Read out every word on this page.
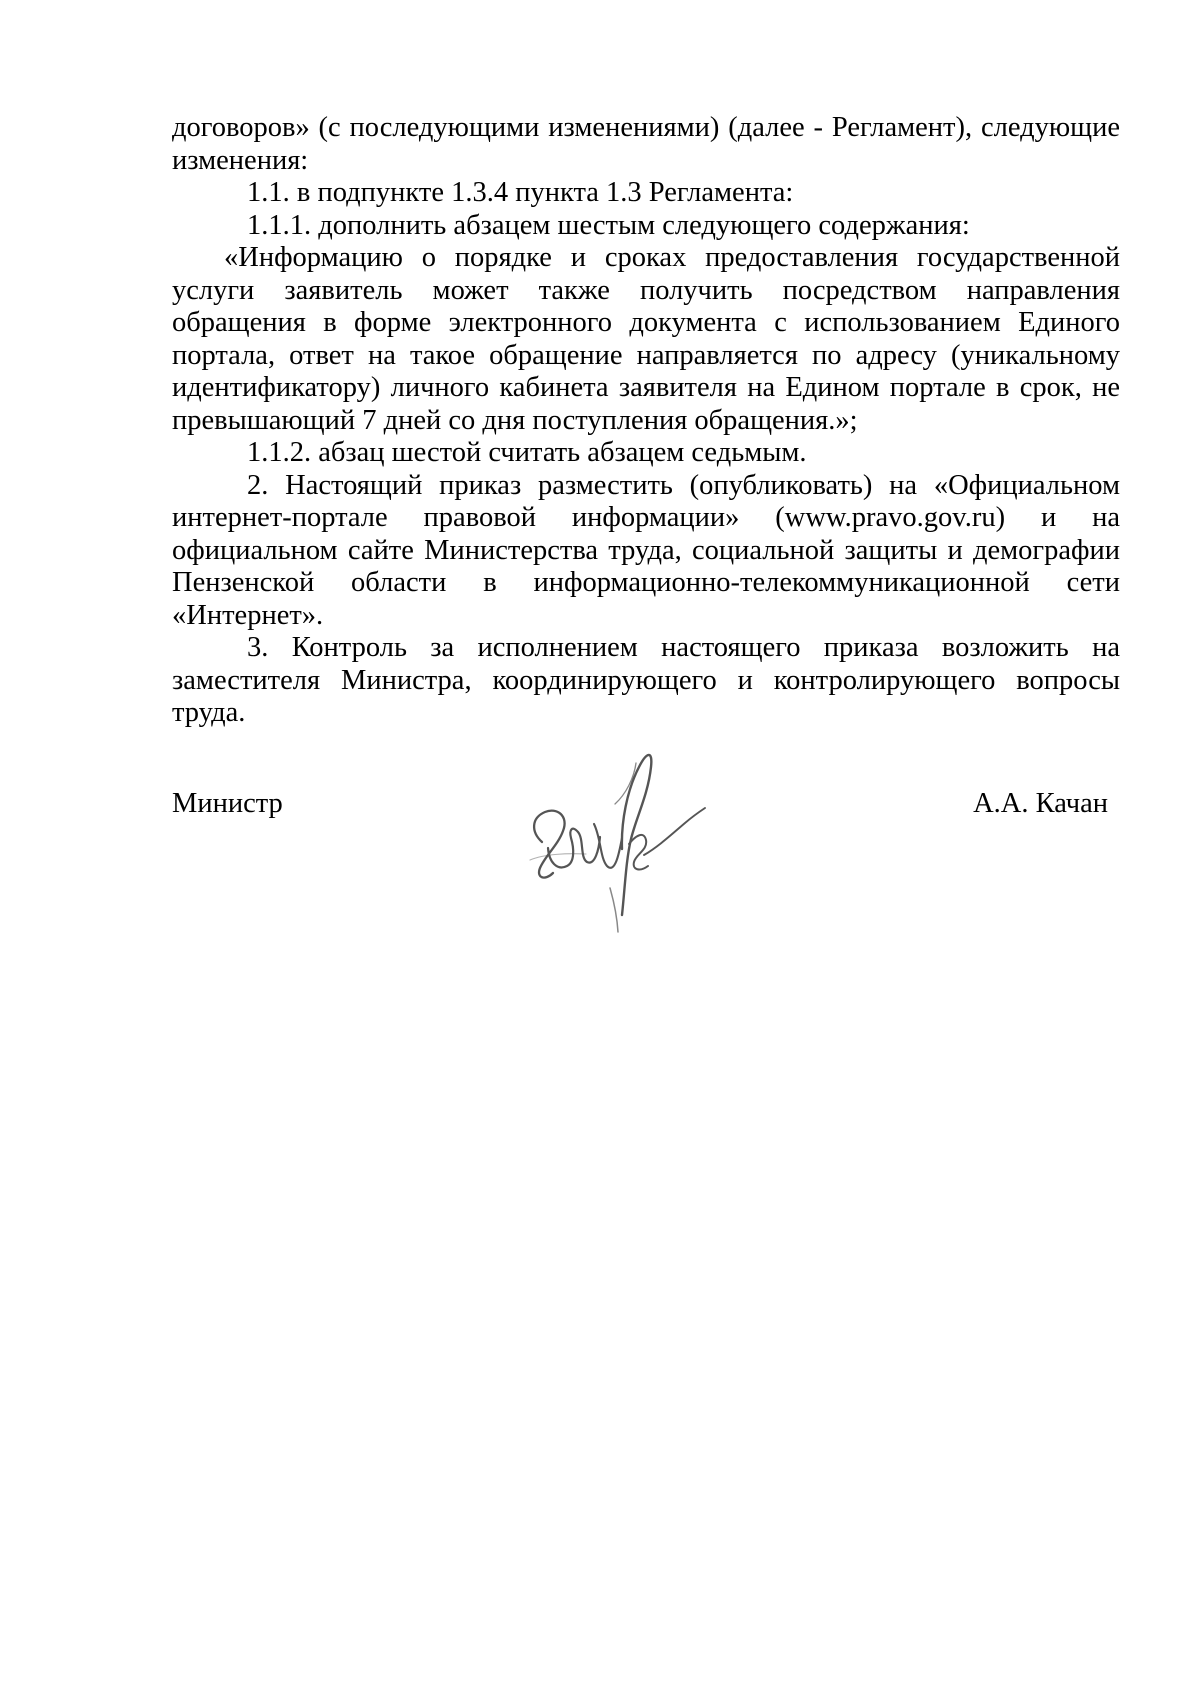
договоров» (с последующими изменениями) (далее - Регламент), следующие изменения:

1.1. в подпункте 1.3.4 пункта 1.3 Регламента:

1.1.1. дополнить абзацем шестым следующего содержания:

«Информацию о порядке и сроках предоставления государственной услуги заявитель может также получить посредством направления обращения в форме электронного документа с использованием Единого портала, ответ на такое обращение направляется по адресу (уникальному идентификатору) личного кабинета заявителя на Едином портале в срок, не превышающий 7 дней со дня поступления обращения.»;

1.1.2. абзац шестой считать абзацем седьмым.

2. Настоящий приказ разместить (опубликовать) на «Официальном интернет-портале правовой информации» (www.pravo.gov.ru) и на официальном сайте Министерства труда, социальной защиты и демографии Пензенской области в информационно-телекоммуникационной сети «Интернет».

3. Контроль за исполнением настоящего приказа возложить на заместителя Министра, координирующего и контролирующего вопросы труда.

Министр	А.А. Качан
